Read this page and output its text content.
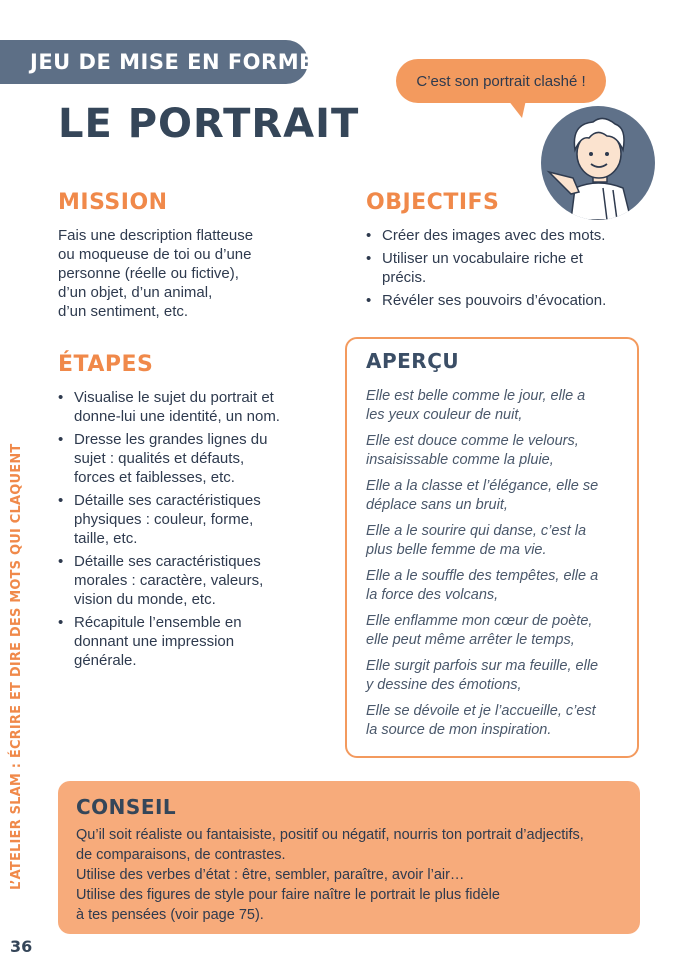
JEU DE MISE EN FORME
LE PORTRAIT
C’est son portrait clashé !
MISSION

Fais une description flatteuse

ou moqueuse de toi ou d’une

personne (réelle ou fictive),

d’un objet, d’un animal,

d’un sentiment, etc.

OBJECTIFS
• Créer des images avec des mots.
• Utiliser un vocabulaire riche et
précis.
• Révéler ses pouvoirs d’évocation.
ÉTAPES
• Visualise le sujet du portrait et
donne-lui une identité, un nom.
• Dresse les grandes lignes du
sujet : qualités et défauts,
forces et faiblesses, etc.
• Détaille ses caractéristiques
physiques : couleur, forme,
taille, etc.
• Détaille ses caractéristiques
morales : caractère, valeurs,
vision du monde, etc.
• Récapitule l’ensemble en
donnant une impression
générale.
APERÇU

Elle est belle comme le jour, elle a
les yeux couleur de nuit,

Elle est douce comme le velours,
insaisissable comme la pluie,

Elle a la classe et l’élégance, elle se
déplace sans un bruit,

Elle a le sourire qui danse, c’est la
plus belle femme de ma vie.

Elle a le souffle des tempêtes, elle a
la force des volcans,

Elle enflamme mon cœur de poète,
elle peut même arrêter le temps,

Elle surgit parfois sur ma feuille, elle
y dessine des émotions,

Elle se dévoile et je l’accueille, c’est
la source de mon inspiration.

CONSEIL

Qu’il soit réaliste ou fantaisiste, positif ou négatif, nourris ton portrait d’adjectifs,

de comparaisons, de contrastes.

Utilise des verbes d’état : être, sembler, paraître, avoir l’air…

Utilise des figures de style pour faire naître le portrait le plus fidèle

à tes pensées (voir page 75).

L’ATELIER SLAM : ÉCRIRE ET DIRE DES MOTS QUI CLAQUENT
36
